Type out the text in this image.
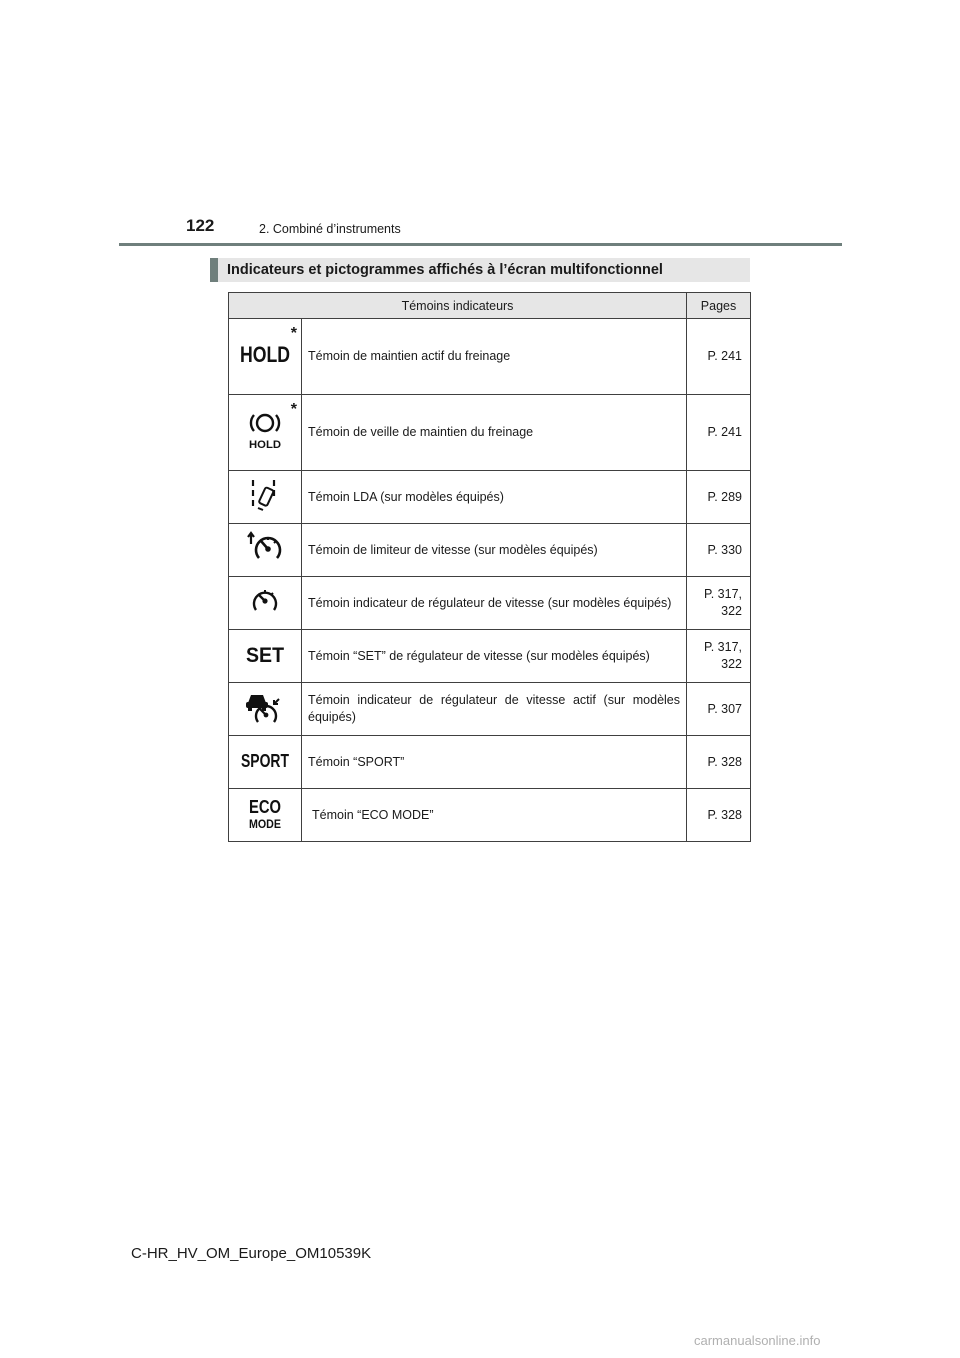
122	2. Combiné d’instruments
Indicateurs et pictogrammes affichés à l’écran multifonctionnel
Témoins indicateurs		Pages

*
HOLD	Témoin de maintien actif du freinage	P. 241

*
HOLD	Témoin de veille de maintien du freinage	P. 241
	Témoin LDA (sur modèles équipés)	P. 289
	Témoin de limiteur de vitesse (sur modèles équipés)	P. 330
	Témoin indicateur de régulateur de vitesse (sur modèles équipés)	P. 317,
322

SET	Témoin “SET” de régulateur de vitesse (sur modèles équipés)	P. 317,
322

	Témoin indicateur de régulateur de vitesse actif (sur modèles équipés)	P. 307

SPORT	Témoin “SPORT”	P. 328

ECO
MODE	Témoin “ECO MODE”	P. 328
C-HR_HV_OM_Europe_OM10539K
carmanualsonline.info
